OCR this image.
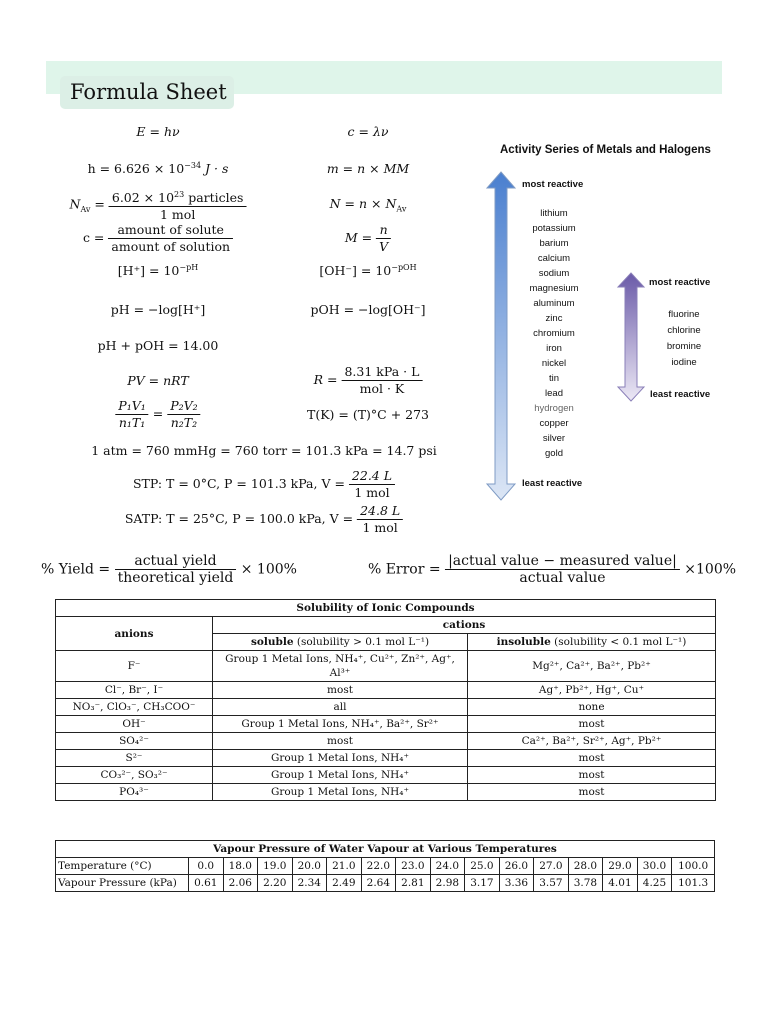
Formula Sheet
E = hν	c = λν
$h = 6.626 \times 10^{-34}$ J · s	m = n × MM
$N_{Av} = \frac{6.02 \times 10^{23} particles}{\text{1 mol}}$	$N = n \times N_{Av}$
$c = \frac{\text{amount of solute}}{\text{amount of solution}}$	$M = \frac{n}{V}$
$[H^+] = 10^{-pH}$	$[OH^-] = 10^{-pOH}$
pH = −log[H⁺]	pOH = −log[OH⁻]
pH + pOH = 14.00
PV = nRT	$R = \frac{\text{8.31 kPa · L}}{\text{mol · K}}$
$\frac{\text{P₁V₁}}{\text{n₁T₁}} = \frac{\text{P₂V₂}}{\text{n₂T₂}}$	T(K) = (T)°C + 273
1 atm = 760 mmHg = 760 torr = 101.3 kPa = 14.7 psi
STP: T = 0°C, P = 101.3 kPa, $V = \frac{22.4 L}{\text{1 mol}}$
SATP: T = 25°C, P = 100.0 kPa, $V = \frac{24.8 L}{\text{1 mol}}$
% Yield = $\frac{\text{actual yield}}{\text{theoretical yield}} \times 100\%$	% Error = $\frac{\text{|actual value − measured value|}}{\text{actual value}} \times 100\%$
Activity Series of Metals and Halogens
most reactive
least reactive
lithium
potassium
barium
calcium
sodium
magnesium
aluminum
zinc
chromium
iron
nickel
tin
lead
hydrogen
copper
silver
gold
most reactive
least reactive
fluorine
chlorine
bromine
iodine
Solubility of Ionic Compounds		
anions	cations	
	soluble (solubility > 0.1 mol L⁻¹)	insoluble (solubility < 0.1 mol L⁻¹)
F⁻	Group 1 Metal Ions, NH₄⁺, Cu²⁺, Zn²⁺, Ag⁺, Al³⁺	Mg²⁺, Ca²⁺, Ba²⁺, Pb²⁺
Cl⁻, Br⁻, I⁻	most	Ag⁺, Pb²⁺, Hg⁺, Cu⁺
NO₃⁻, ClO₃⁻, CH₃COO⁻	all	none
OH⁻	Group 1 Metal Ions, NH₄⁺, Ba²⁺, Sr²⁺	most
SO₄²⁻	most	Ca²⁺, Ba²⁺, Sr²⁺, Ag⁺, Pb²⁺
S²⁻	Group 1 Metal Ions, NH₄⁺	most
CO₃²⁻, SO₃²⁻	Group 1 Metal Ions, NH₄⁺	most
PO₄³⁻	Group 1 Metal Ions, NH₄⁺	most
Vapour Pressure of Water Vapour at Various Temperatures															
Temperature (°C)	0.0	18.0	19.0	20.0	21.0	22.0	23.0	24.0	25.0	26.0	27.0	28.0	29.0	30.0	100.0
Vapour Pressure (kPa)	0.61	2.06	2.20	2.34	2.49	2.64	2.81	2.98	3.17	3.36	3.57	3.78	4.01	4.25	101.3
